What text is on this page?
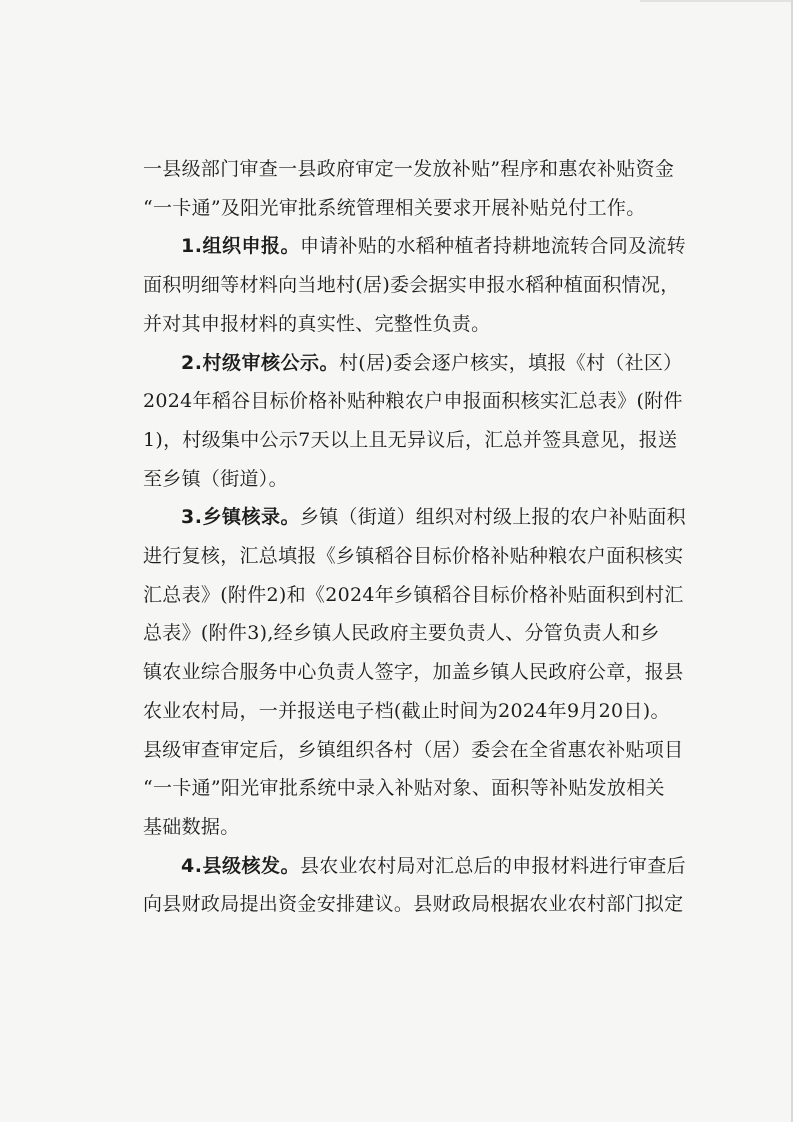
一县级部门审查一县政府审定一发放补贴”程序和惠农补贴资金
“一卡通”及阳光审批系统管理相关要求开展补贴兑付工作。

1.组织申报。申请补贴的水稻种植者持耕地流转合同及流转
面积明细等材料向当地村(居)委会据实申报水稻种植面积情况，
并对其申报材料的真实性、完整性负责。

2.村级审核公示。村(居)委会逐户核实，填报《村（社区）
2024年稻谷目标价格补贴种粮农户申报面积核实汇总表》(附件
1)，村级集中公示7天以上且无异议后，汇总并签具意见，报送
至乡镇（街道）。

3.乡镇核录。乡镇（街道）组织对村级上报的农户补贴面积
进行复核，汇总填报《乡镇稻谷目标价格补贴种粮农户面积核实
汇总表》(附件2)和《2024年乡镇稻谷目标价格补贴面积到村汇
总表》(附件3),经乡镇人民政府主要负责人、分管负责人和乡
镇农业综合服务中心负责人签字，加盖乡镇人民政府公章，报县
农业农村局，一并报送电子档(截止时间为2024年9月20日)。
县级审查审定后，乡镇组织各村（居）委会在全省惠农补贴项目
“一卡通”阳光审批系统中录入补贴对象、面积等补贴发放相关
基础数据。

4.县级核发。县农业农村局对汇总后的申报材料进行审查后
向县财政局提出资金安排建议。县财政局根据农业农村部门拟定
